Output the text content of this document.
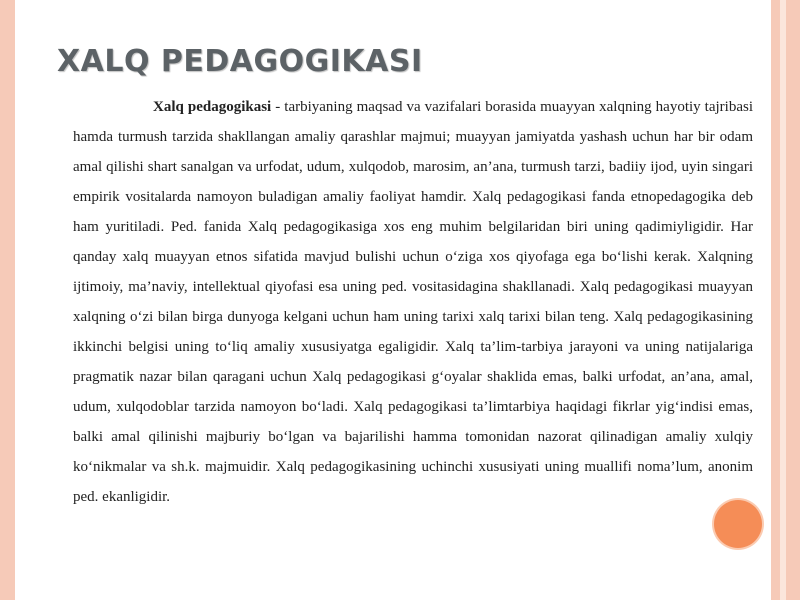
XALQ PEDAGOGIKASI

Xalq pedagogikasi - tarbiyaning maqsad va vazifalari borasida muayyan xalqning hayotiy tajribasi hamda turmush tarzida shakllangan amaliy qarashlar majmui; muayyan jamiyatda yashash uchun har bir odam amal qilishi shart sanalgan va urfodat, udum, xulqodob, marosim, an’ana, turmush tarzi, badiiy ijod, uyin singari empirik vositalarda namoyon buladigan amaliy faoliyat hamdir. Xalq pedagogikasi fanda etnopedagogika deb ham yuritiladi. Ped. fanida Xalq pedagogikasiga xos eng muhim belgilaridan biri uning qadimiyligidir. Har qanday xalq muayyan etnos sifatida mavjud bulishi uchun o‘ziga xos qiyofaga ega bo‘lishi kerak. Xalqning ijtimoiy, ma’naviy, intellektual qiyofasi esa uning ped. vositasidagina shakllanadi. Xalq pedagogikasi muayyan xalqning o‘zi bilan birga dunyoga kelgani uchun ham uning tarixi xalq tarixi bilan teng. Xalq pedagogikasining ikkinchi belgisi uning to‘liq amaliy xususiyatga egaligidir. Xalq ta’lim-tarbiya jarayoni va uning natijalariga pragmatik nazar bilan qaragani uchun Xalq pedagogikasi g‘oyalar shaklida emas, balki urfodat, an’ana, amal, udum, xulqodoblar tarzida namoyon bo‘ladi. Xalq pedagogikasi ta’limtarbiya haqidagi fikrlar yig‘indisi emas, balki amal qilinishi majburiy bo‘lgan va bajarilishi hamma tomonidan nazorat qilinadigan amaliy xulqiy ko‘nikmalar va sh.k. majmuidir. Xalq pedagogikasining uchinchi xususiyati uning muallifi noma’lum, anonim ped. ekanligidir.
